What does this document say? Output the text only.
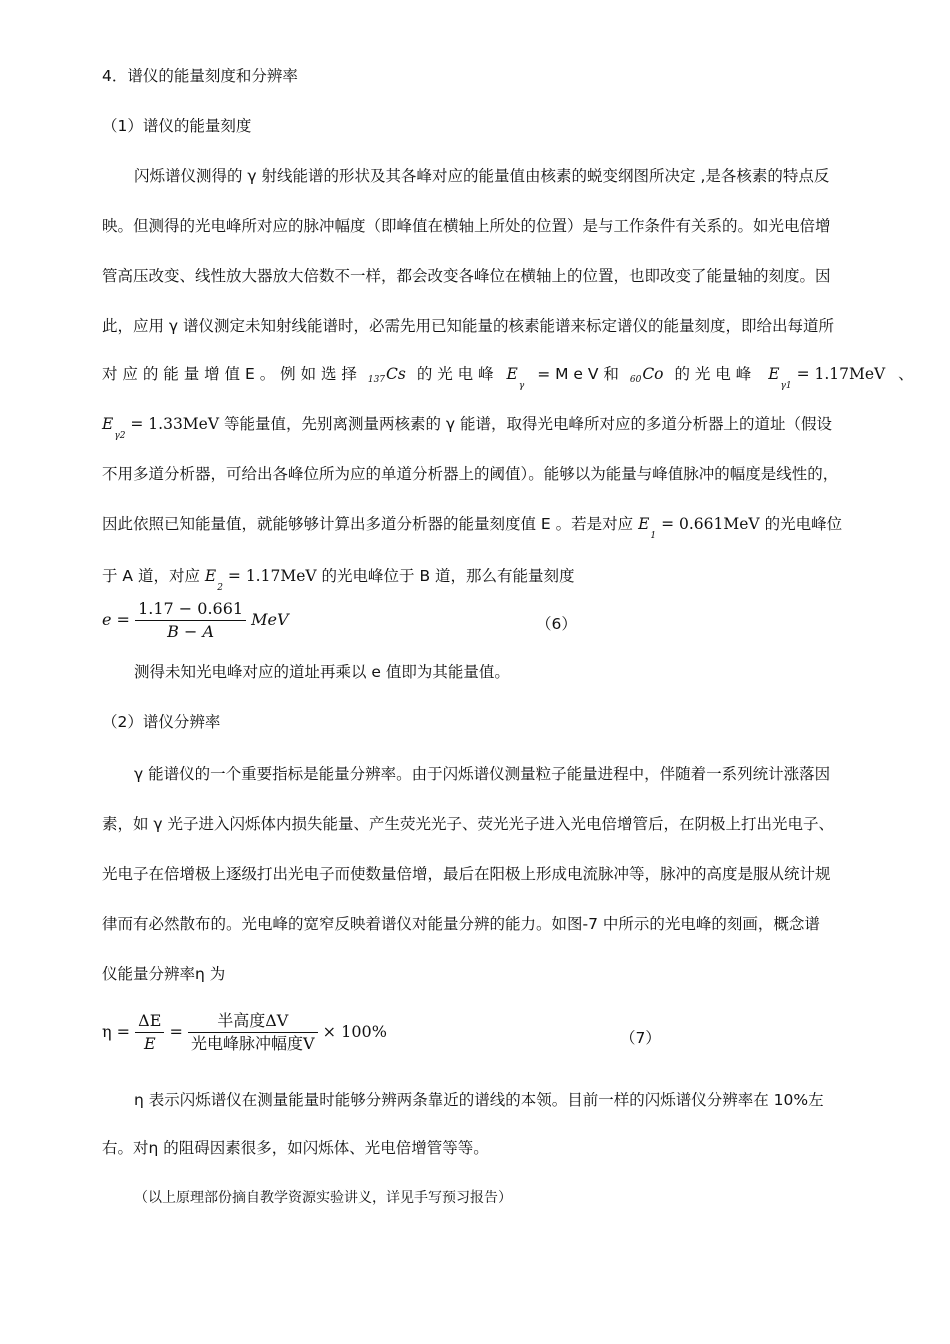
4．谱仪的能量刻度和分辨率
（1）谱仪的能量刻度
闪烁谱仪测得的 γ 射线能谱的形状及其各峰对应的能量值由核素的蜕变纲图所决定 ,是各核素的特点反
映。但测得的光电峰所对应的脉冲幅度（即峰值在横轴上所处的位置）是与工作条件有关系的。如光电倍增
管高压改变、线性放大器放大倍数不一样，都会改变各峰位在横轴上的位置，也即改变了能量轴的刻度。因
此，应用 γ 谱仪测定未知射线能谱时，必需先用已知能量的核素能谱来标定谱仪的能量刻度，即给出每道所
对 应 的 能 量 增 值 E 。 例 如 选 择 137Cs 的 光 电 峰 $E_\gamma = M$ e V 和 60Co 的 光 电 峰 $E_{\gamma 1} = 1.17MeV$ 、
$E_{\gamma 2} = 1.33MeV$ 等能量值，先别离测量两核素的 γ 能谱，取得光电峰所对应的多道分析器上的道址（假设
不用多道分析器，可给出各峰位所为应的单道分析器上的阈值）。能够以为能量与峰值脉冲的幅度是线性的，
因此依照已知能量值，就能够够计算出多道分析器的能量刻度值 E 。若是对应 $E_1 = 0.661MeV$ 的光电峰位
于 A 道，对应 $E_2 = 1.17MeV$ 的光电峰位于 B 道，那么有能量刻度
$e = \frac{1.17 - 0.661}{B - A}$ MeV	（6）
测得未知光电峰对应的道址再乘以 e 值即为其能量值。
（2）谱仪分辨率
γ 能谱仪的一个重要指标是能量分辨率。由于闪烁谱仪测量粒子能量进程中，伴随着一系列统计涨落因
素，如 γ 光子进入闪烁体内损失能量、产生荧光光子、荧光光子进入光电倍增管后，在阴极上打出光电子、
光电子在倍增极上逐级打出光电子而使数量倍增，最后在阳极上形成电流脉冲等，脉冲的高度是服从统计规
律而有必然散布的。光电峰的宽窄反映着谱仪对能量分辨的能力。如图-7 中所示的光电峰的刻画，概念谱
仪能量分辨率η 为
$\eta = \frac{\Delta E}{E} = \frac{\text{半高度ΔV}}{\text{光电峰脉冲幅度V}} \times 100\%$	（7）
η 表示闪烁谱仪在测量能量时能够分辨两条靠近的谱线的本领。目前一样的闪烁谱仪分辨率在 10%左
右。对η 的阻碍因素很多，如闪烁体、光电倍增管等等。
（以上原理部份摘自教学资源实验讲义，详见手写预习报告）
